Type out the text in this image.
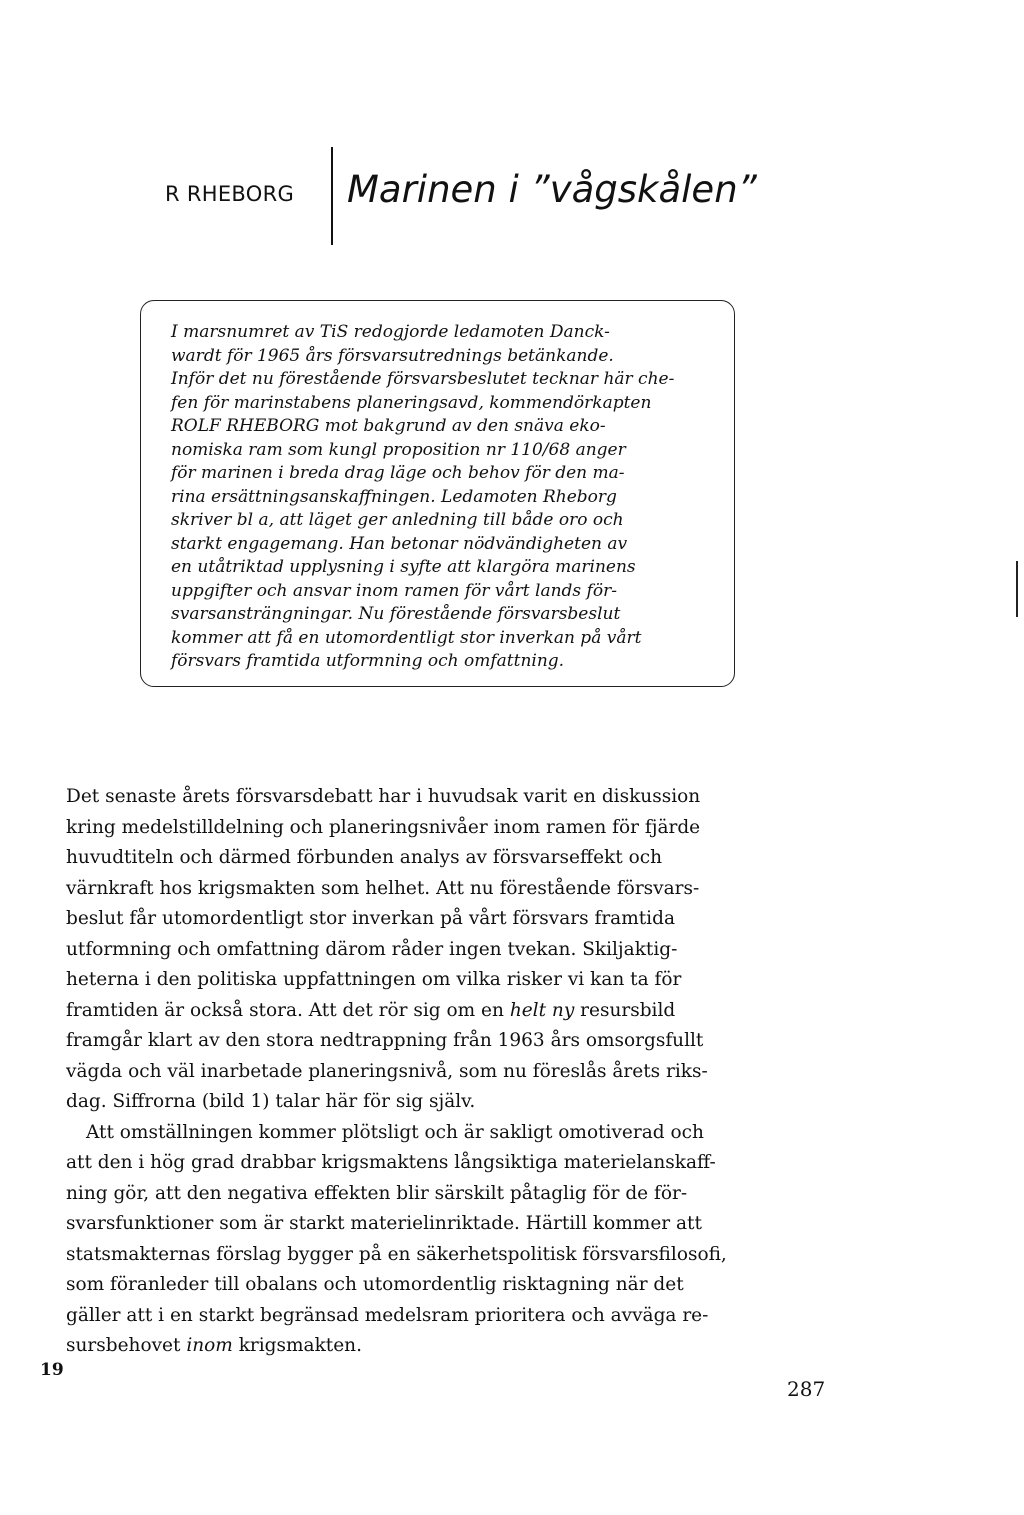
R RHEBORG Marinen i ”vågskålen”
I marsnumret av TiS redogjorde ledamoten Danck-
wardt för 1965 års försvarsutrednings betänkande.
Inför det nu förestående försvarsbeslutet tecknar här che-
fen för marinstabens planeringsavd, kommendörkapten
ROLF RHEBORG mot bakgrund av den snäva eko-
nomiska ram som kungl proposition nr 110/68 anger
för marinen i breda drag läge och behov för den ma-
rina ersättningsanskaffningen. Ledamoten Rheborg
skriver bl a, att läget ger anledning till både oro och
starkt engagemang. Han betonar nödvändigheten av
en utåtriktad upplysning i syfte att klargöra marinens
uppgifter och ansvar inom ramen för vårt lands för-
svarsansträngningar. Nu förestående försvarsbeslut
kommer att få en utomordentligt stor inverkan på vårt
försvars framtida utformning och omfattning.
Det senaste årets försvarsdebatt har i huvudsak varit en diskussion
kring medelstilldelning och planeringsnivåer inom ramen för fjärde
huvudtiteln och därmed förbunden analys av försvarseffekt och
värnkraft hos krigsmakten som helhet. Att nu förestående försvars-
beslut får utomordentligt stor inverkan på vårt försvars framtida
utformning och omfattning därom råder ingen tvekan. Skiljaktig-
heterna i den politiska uppfattningen om vilka risker vi kan ta för
framtiden är också stora. Att det rör sig om en helt ny resursbild
framgår klart av den stora nedtrappning från 1963 års omsorgsfullt
vägda och väl inarbetade planeringsnivå, som nu föreslås årets riks-
dag. Siffrorna (bild 1) talar här för sig själv.
Att omställningen kommer plötsligt och är sakligt omotiverad och
att den i hög grad drabbar krigsmaktens långsiktiga materielanskaff-
ning gör, att den negativa effekten blir särskilt påtaglig för de för-
svarsfunktioner som är starkt materielinriktade. Härtill kommer att
statsmakternas förslag bygger på en säkerhetspolitisk försvarsfilosofi,
som föranleder till obalans och utomordentlig risktagning när det
gäller att i en starkt begränsad medelsram prioritera och avväga re-
sursbehovet inom krigsmakten.
19
287
